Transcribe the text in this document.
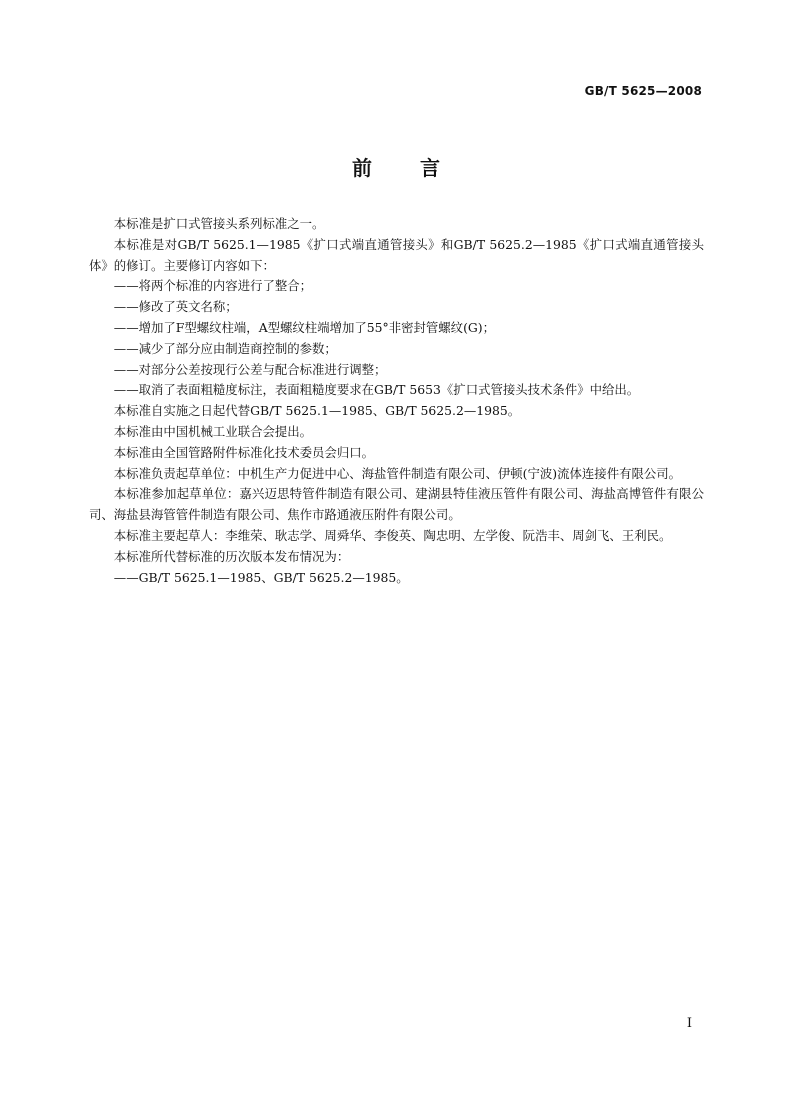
GB/T 5625—2008
前言

本标准是扩口式管接头系列标准之一。

本标准是对GB/T 5625.1—1985《扩口式端直通管接头》和GB/T 5625.2—1985《扩口式端直通管接头体》的修订。主要修订内容如下：

——将两个标准的内容进行了整合；

——修改了英文名称；

——增加了F型螺纹柱端，A型螺纹柱端增加了55°非密封管螺纹(G)；

——减少了部分应由制造商控制的参数；

——对部分公差按现行公差与配合标准进行调整；

——取消了表面粗糙度标注，表面粗糙度要求在GB/T 5653《扩口式管接头技术条件》中给出。

本标准自实施之日起代替GB/T 5625.1—1985、GB/T 5625.2—1985。

本标准由中国机械工业联合会提出。

本标准由全国管路附件标准化技术委员会归口。

本标准负责起草单位：中机生产力促进中心、海盐管件制造有限公司、伊顿(宁波)流体连接件有限公司。

本标准参加起草单位：嘉兴迈思特管件制造有限公司、建湖县特佳液压管件有限公司、海盐高博管件有限公司、海盐县海管管件制造有限公司、焦作市路通液压附件有限公司。

本标准主要起草人：李维荣、耿志学、周舜华、李俊英、陶忠明、左学俊、阮浩丰、周剑飞、王利民。

本标准所代替标准的历次版本发布情况为：

——GB/T 5625.1—1985、GB/T 5625.2—1985。

I
